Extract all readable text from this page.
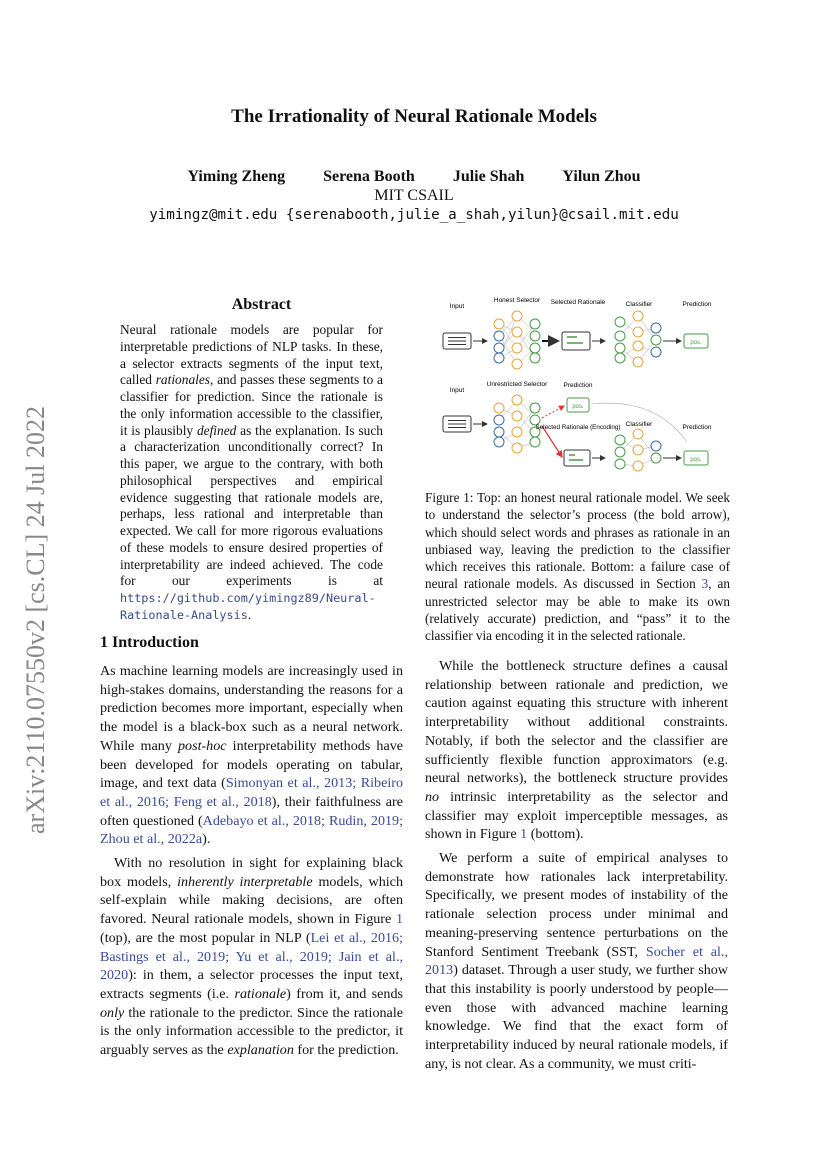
arXiv:2110.07550v2 [cs.CL] 24 Jul 2022
The Irrationality of Neural Rationale Models
Yiming Zheng Serena Booth Julie Shah Yilun Zhou
MIT CSAIL
yimingz@mit.edu {serenabooth,julie_a_shah,yilun}@csail.mit.edu
Abstract
Neural rationale models are popular for interpretable predictions of NLP tasks. In these, a selector extracts segments of the input text, called rationales, and passes these segments to a classifier for prediction. Since the rationale is the only information accessible to the classifier, it is plausibly defined as the explanation. Is such a characterization unconditionally correct? In this paper, we argue to the contrary, with both philosophical perspectives and empirical evidence suggesting that rationale models are, perhaps, less rational and interpretable than expected. We call for more rigorous evaluations of these models to ensure desired properties of interpretability are indeed achieved. The code for our experiments is at https://github.com/yimingz89/Neural-Rationale-Analysis.
1 Introduction

As machine learning models are increasingly used in high-stakes domains, understanding the reasons for a prediction becomes more important, especially when the model is a black-box such as a neural network. While many post-hoc interpretability methods have been developed for models operating on tabular, image, and text data (Simonyan et al., 2013; Ribeiro et al., 2016; Feng et al., 2018), their faithfulness are often questioned (Adebayo et al., 2018; Rudin, 2019; Zhou et al., 2022a).

With no resolution in sight for explaining black box models, inherently interpretable models, which self-explain while making decisions, are often favored. Neural rationale models, shown in Figure 1 (top), are the most popular in NLP (Lei et al., 2016; Bastings et al., 2019; Yu et al., 2019; Jain et al., 2020): in them, a selector processes the input text, extracts segments (i.e. rationale) from it, and sends only the rationale to the predictor. Since the rationale is the only information accessible to the predictor, it arguably serves as the explanation for the prediction.

Input
Honest Selector Selected Rationale	Classifier	Prediction
pos.
Input
Unrestricted Selector Prediction
pos.
Selected Rationale (Encoding) Classifier	Prediction
pos.
Figure 1: Top: an honest neural rationale model. We seek to understand the selector’s process (the bold arrow), which should select words and phrases as rationale in an unbiased way, leaving the prediction to the classifier which receives this rationale. Bottom: a failure case of neural rationale models. As discussed in Section 3, an unrestricted selector may be able to make its own (relatively accurate) prediction, and “pass” it to the classifier via encoding it in the selected rationale.

While the bottleneck structure defines a causal relationship between rationale and prediction, we caution against equating this structure with inherent interpretability without additional constraints. Notably, if both the selector and the classifier are sufficiently flexible function approximators (e.g. neural networks), the bottleneck structure provides no intrinsic interpretability as the selector and classifier may exploit imperceptible messages, as shown in Figure 1 (bottom).

We perform a suite of empirical analyses to demonstrate how rationales lack interpretability. Specifically, we present modes of instability of the rationale selection process under minimal and meaning-preserving sentence perturbations on the Stanford Sentiment Treebank (SST, Socher et al., 2013) dataset. Through a user study, we further show that this instability is poorly understood by people—even those with advanced machine learning knowledge. We find that the exact form of interpretability induced by neural rationale models, if any, is not clear. As a community, we must criti-
